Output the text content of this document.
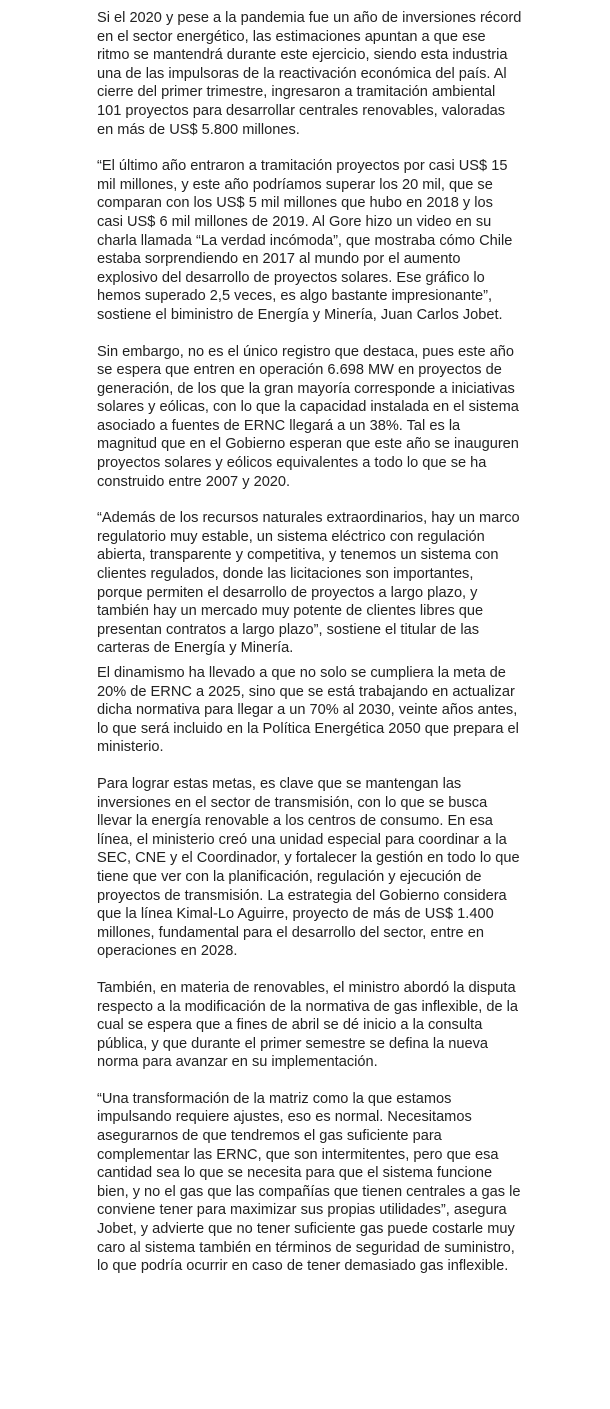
Si el 2020 y pese a la pandemia fue un año de inversiones récord en el sector energético, las estimaciones apuntan a que ese ritmo se mantendrá durante este ejercicio, siendo esta industria una de las impulsoras de la reactivación económica del país. Al cierre del primer trimestre, ingresaron a tramitación ambiental 101 proyectos para desarrollar centrales renovables, valoradas en más de US$ 5.800 millones.

“El último año entraron a tramitación proyectos por casi US$ 15 mil millones, y este año podríamos superar los 20 mil, que se comparan con los US$ 5 mil millones que hubo en 2018 y los casi US$ 6 mil millones de 2019. Al Gore hizo un video en su charla llamada “La verdad incómoda”, que mostraba cómo Chile estaba sorprendiendo en 2017 al mundo por el aumento explosivo del desarrollo de proyectos solares. Ese gráfico lo hemos superado 2,5 veces, es algo bastante impresionante”, sostiene el biministro de Energía y Minería, Juan Carlos Jobet.

Sin embargo, no es el único registro que destaca, pues este año se espera que entren en operación 6.698 MW en proyectos de generación, de los que la gran mayoría corresponde a iniciativas solares y eólicas, con lo que la capacidad instalada en el sistema asociado a fuentes de ERNC llegará a un 38%. Tal es la magnitud que en el Gobierno esperan que este año se inauguren proyectos solares y eólicos equivalentes a todo lo que se ha construido entre 2007 y 2020.

“Además de los recursos naturales extraordinarios, hay un marco regulatorio muy estable, un sistema eléctrico con regulación abierta, transparente y competitiva, y tenemos un sistema con clientes regulados, donde las licitaciones son importantes, porque permiten el desarrollo de proyectos a largo plazo, y también hay un mercado muy potente de clientes libres que presentan contratos a largo plazo”, sostiene el titular de las carteras de Energía y Minería.

El dinamismo ha llevado a que no solo se cumpliera la meta de 20% de ERNC a 2025, sino que se está trabajando en actualizar dicha normativa para llegar a un 70% al 2030, veinte años antes, lo que será incluido en la Política Energética 2050 que prepara el ministerio.

Para lograr estas metas, es clave que se mantengan las inversiones en el sector de transmisión, con lo que se busca llevar la energía renovable a los centros de consumo. En esa línea, el ministerio creó una unidad especial para coordinar a la SEC, CNE y el Coordinador, y fortalecer la gestión en todo lo que tiene que ver con la planificación, regulación y ejecución de proyectos de transmisión. La estrategia del Gobierno considera que la línea Kimal-Lo Aguirre, proyecto de más de US$ 1.400 millones, fundamental para el desarrollo del sector, entre en operaciones en 2028.

También, en materia de renovables, el ministro abordó la disputa respecto a la modificación de la normativa de gas inflexible, de la cual se espera que a fines de abril se dé inicio a la consulta pública, y que durante el primer semestre se defina la nueva norma para avanzar en su implementación.

“Una transformación de la matriz como la que estamos impulsando requiere ajustes, eso es normal. Necesitamos asegurarnos de que tendremos el gas suficiente para complementar las ERNC, que son intermitentes, pero que esa cantidad sea lo que se necesita para que el sistema funcione bien, y no el gas que las compañías que tienen centrales a gas le conviene tener para maximizar sus propias utilidades”, asegura Jobet, y advierte que no tener suficiente gas puede costarle muy caro al sistema también en términos de seguridad de suministro, lo que podría ocurrir en caso de tener demasiado gas inflexible.
